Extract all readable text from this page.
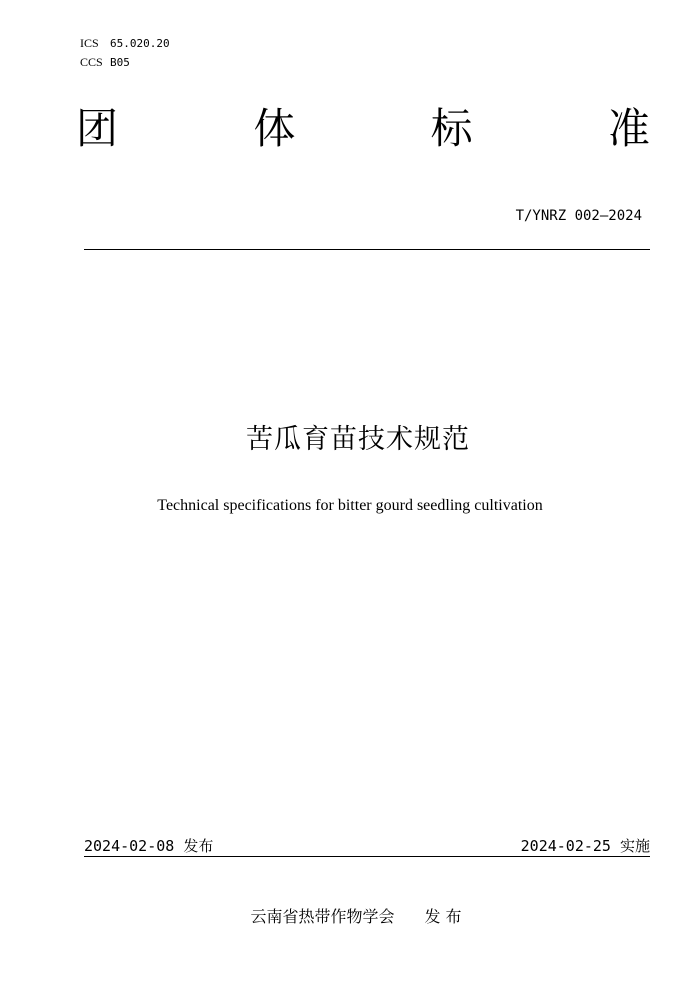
ICS 65.020.20
CCS B05
团	体	标	准
T/YNRZ 002—2024
苦瓜育苗技术规范
Technical specifications for bitter gourd seedling cultivation
2024-02-08 发布	2024-02-25 实施
云南省热带作物学会 发 布
